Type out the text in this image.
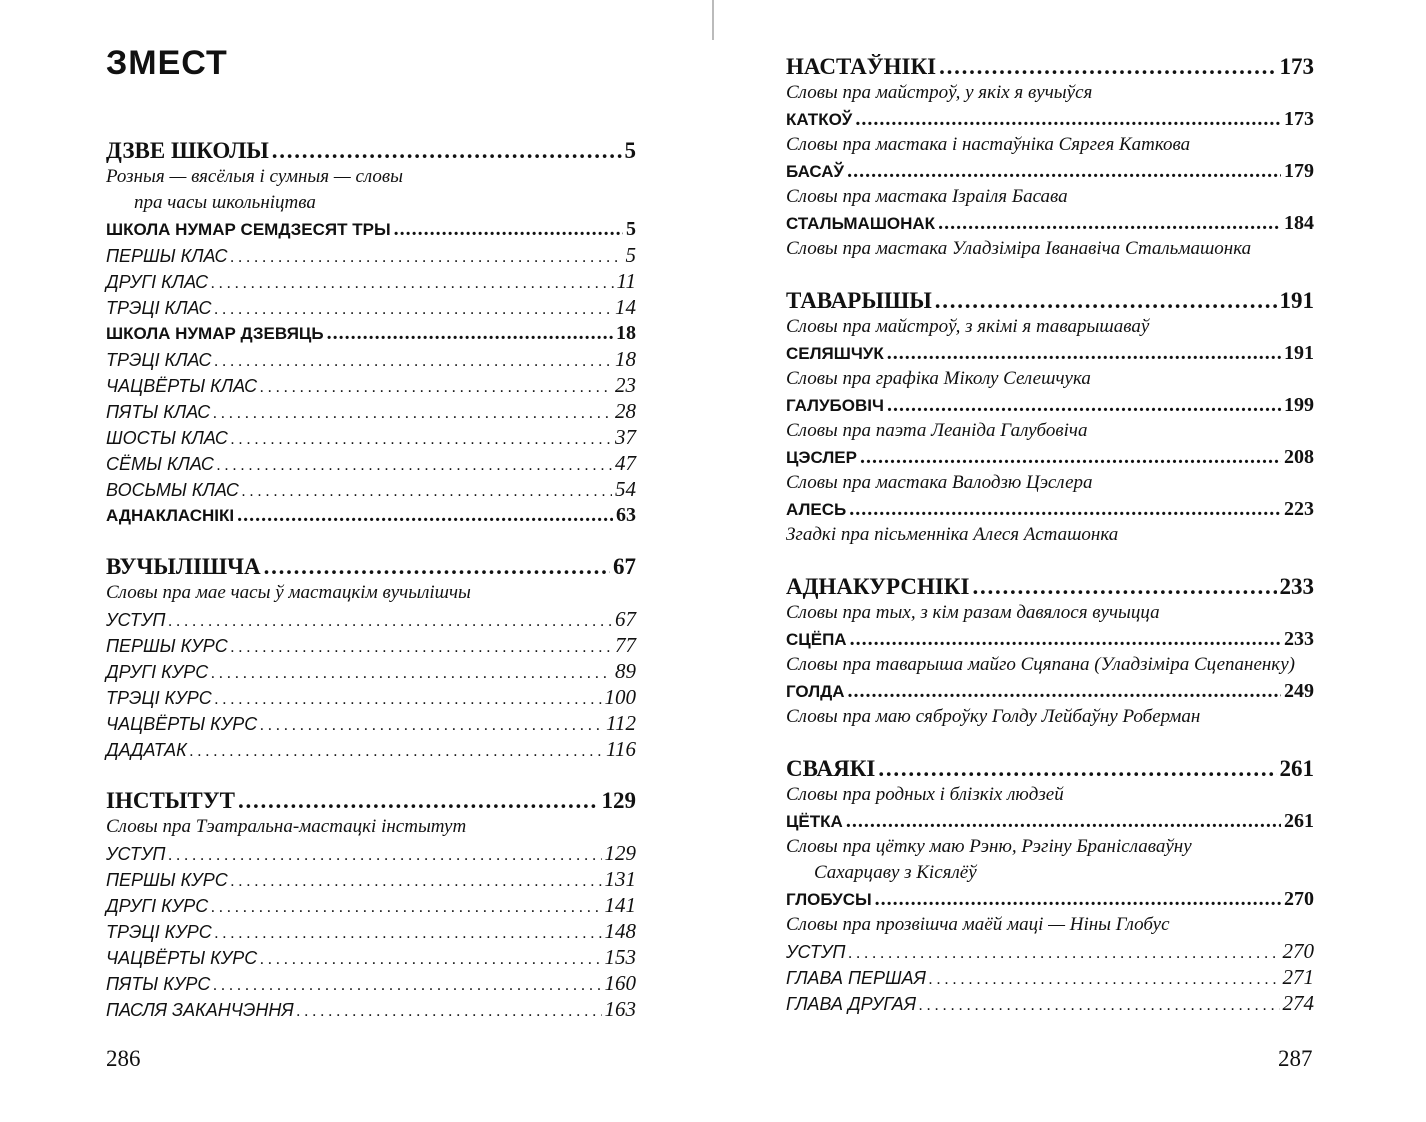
ЗМЕСТ
ДЗВЕ ШКОЛЫ . . .	5
Розныя — вясёлыя і сумныя — словы
пра часы школьніцтва
ШКОЛА НУМАР СЕМДЗЕСЯТ ТРЫ . . .	5
ПЕРШЫ КЛАС . . .	5
ДРУГІ КЛАС . . .	11
ТРЭЦІ КЛАС . . .	14
ШКОЛА НУМАР ДЗЕВЯЦЬ . . .	18
ТРЭЦІ КЛАС . . .	18
ЧАЦВЁРТЫ КЛАС . . .	23
ПЯТЫ КЛАС . . .	28
ШОСТЫ КЛАС . . .	37
СЁМЫ КЛАС . . .	47
ВОСЬМЫ КЛАС . . .	54
АДНАКЛАСНІКІ . . .	63
ВУЧЫЛІШЧА . . .	67
Словы пра мае часы ў мастацкім вучылішчы
УСТУП . . .	67
ПЕРШЫ КУРС . . .	77
ДРУГІ КУРС . . .	89
ТРЭЦІ КУРС . . .	100
ЧАЦВЁРТЫ КУРС . . .	112
ДАДАТАК . . .	116
ІНСТЫТУТ . . .	129
Словы пра Тэатральна-мастацкі інстытут
УСТУП . . .	129
ПЕРШЫ КУРС . . .	131
ДРУГІ КУРС . . .	141
ТРЭЦІ КУРС . . .	148
ЧАЦВЁРТЫ КУРС . . .	153
ПЯТЫ КУРС . . .	160
ПАСЛЯ ЗАКАНЧЭННЯ . . .	163
286
НАСТАЎНІКІ . . .	173
Словы пра майстроў, у якіх я вучыўся
КАТКОЎ . . .	173
Словы пра мастака і настаўніка Сяргея Каткова
БАСАЎ . . .	179
Словы пра мастака Ізраіля Басава
СТАЛЬМАШОНАК . . .	184
Словы пра мастака Уладзіміра Іванавіча Стальмашонка
ТАВАРЫШЫ . . .	191
Словы пра майстроў, з якімі я таварышаваў
СЕЛЯШЧУК . . .	191
Словы пра графіка Міколу Селешчука
ГАЛУБОВІЧ . . .	199
Словы пра паэта Леаніда Галубовіча
ЦЭСЛЕР . . .	208
Словы пра мастака Валодзю Цэслера
АЛЕСЬ . . .	223
Згадкі пра пісьменніка Алеся Асташонка
АДНАКУРСНІКІ . . .	233
Словы пра тых, з кім разам давялося вучыцца
СЦЁПА . . .	233
Словы пра таварыша майго Сцяпана (Уладзіміра Сцепаненку)
ГОЛДА . . .	249
Словы пра маю сяброўку Голду Лейбаўну Роберман
СВАЯКІ . . .	261
Словы пра родных і блізкіх людзей
ЦЁТКА . . .	261
Словы пра цётку маю Рэню, Рэгіну Браніславаўну
Сахарцаву з Кісялёў
ГЛОБУСЫ . . .	270
Словы пра прозвішча маёй маці — Ніны Глобус
УСТУП . . .	270
ГЛАВА ПЕРШАЯ . . .	271
ГЛАВА ДРУГАЯ . . .	274
287
